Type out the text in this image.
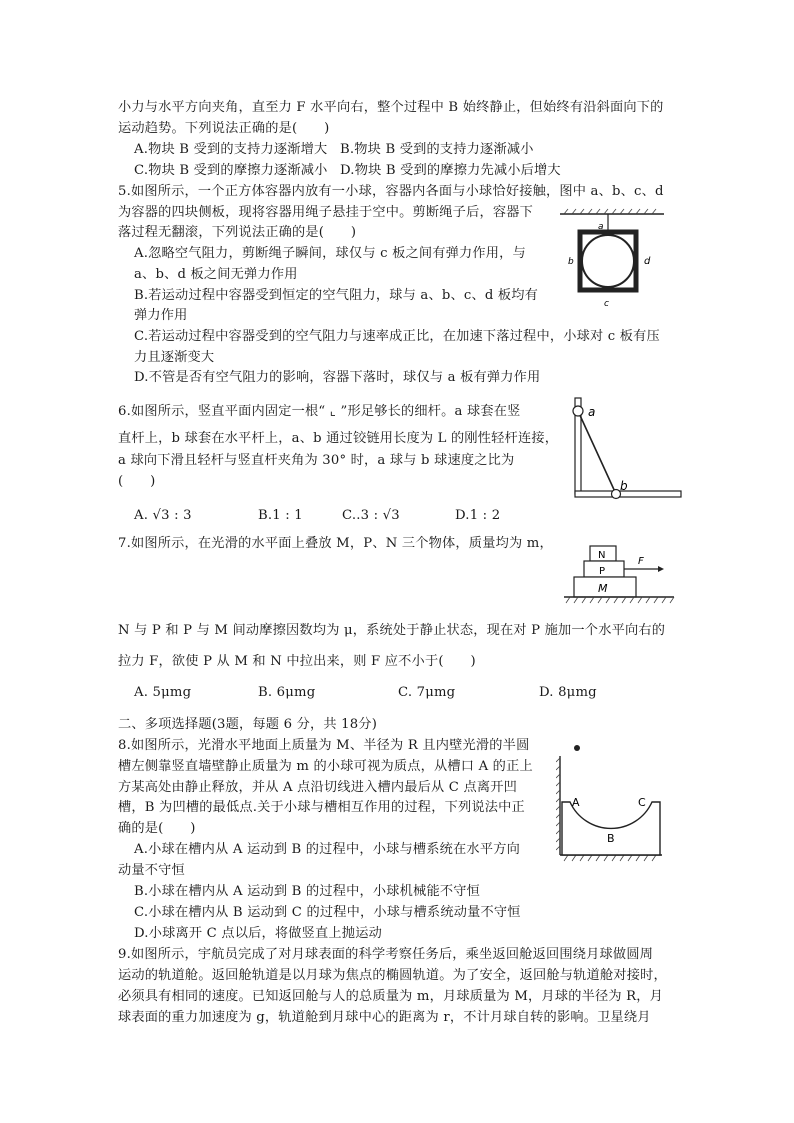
小力与水平方向夹角，直至力 F 水平向右，整个过程中 B 始终静止，但始终有沿斜面向下的
运动趋势。下列说法正确的是(　　)
A.物块 B 受到的支持力逐渐增大 B.物块 B 受到的支持力逐渐减小
C.物块 B 受到的摩擦力逐渐减小 D.物块 B 受到的摩擦力先减小后增大
5.如图所示，一个正方体容器内放有一小球，容器内各面与小球恰好接触，图中 a、b、c、d
为容器的四块侧板，现将容器用绳子悬挂于空中。剪断绳子后，容器下
落过程无翻滚，下列说法正确的是(　　)
A.忽略空气阻力，剪断绳子瞬间，球仅与 c 板之间有弹力作用，与
a、b、d 板之间无弹力作用
B.若运动过程中容器受到恒定的空气阻力，球与 a、b、c、d 板均有
弹力作用
C.若运动过程中容器受到的空气阻力与速率成正比，在加速下落过程中，小球对 c 板有压
力且逐渐变大
D.不管是否有空气阻力的影响，容器下落时，球仅与 a 板有弹力作用
a
b	d
c
6.如图所示，竖直平面内固定一根“ ⌞ ”形足够长的细杆。a 球套在竖
直杆上，b 球套在水平杆上，a、b 通过铰链用长度为 L 的刚性轻杆连接，
a 球向下滑且轻杆与竖直杆夹角为 30° 时，a 球与 b 球速度之比为
(　　)
A. √3 : 3	B.1 : 1	C..3 : √3	D.1 : 2
a
b
7.如图所示，在光滑的水平面上叠放 M，P、N 三个物体，质量均为 m，
N
P
M
F
N 与 P 和 P 与 M 间动摩擦因数均为 μ，系统处于静止状态，现在对 P 施加一个水平向右的
拉力 F，欲使 P 从 M 和 N 中拉出来，则 F 应不小于(　　)
A. 5μmg	B. 6μmg	C. 7μmg	D. 8μmg
二、多项选择题(3题，每题 6 分，共 18分)
8.如图所示，光滑水平地面上质量为 M、半径为 R 且内壁光滑的半圆
槽左侧靠竖直墙壁静止质量为 m 的小球可视为质点，从槽口 A 的正上
方某高处由静止释放，并从 A 点沿切线进入槽内最后从 C 点离开凹
槽，B 为凹槽的最低点.关于小球与槽相互作用的过程，下列说法中正
确的是(　　)
A.小球在槽内从 A 运动到 B 的过程中，小球与槽系统在水平方向
动量不守恒
B.小球在槽内从 A 运动到 B 的过程中，小球机械能不守恒
C.小球在槽内从 B 运动到 C 的过程中，小球与槽系统动量不守恒
D.小球离开 C 点以后，将做竖直上抛运动
A	C
B
9.如图所示，宇航员完成了对月球表面的科学考察任务后，乘坐返回舱返回围绕月球做圆周
运动的轨道舱。返回舱轨道是以月球为焦点的椭圆轨道。为了安全，返回舱与轨道舱对接时，
必须具有相同的速度。已知返回舱与人的总质量为 m，月球质量为 M，月球的半径为 R，月
球表面的重力加速度为 g，轨道舱到月球中心的距离为 r，不计月球自转的影响。卫星绕月
